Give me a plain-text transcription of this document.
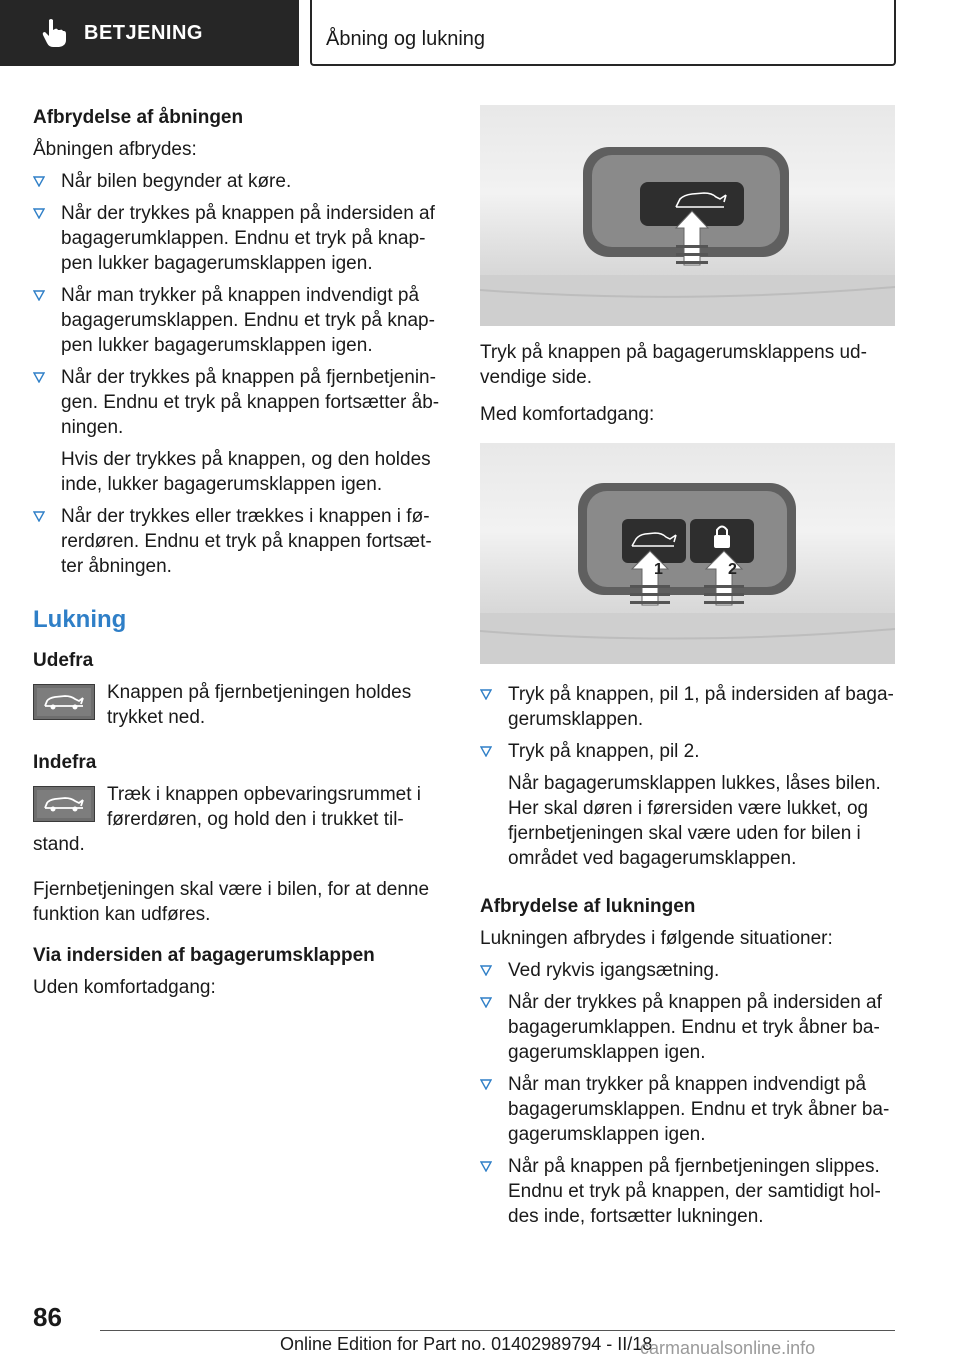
BETJENING	Åbning og lukning
Afbrydelse af åbningen
Åbningen afbrydes:
Når bilen begynder at køre.
Når der trykkes på knappen på indersiden af bagagerumklappen. Endnu et tryk på knappen lukker bagagerumsklappen igen.
Når man trykker på knappen indvendigt på bagagerumsklappen. Endnu et tryk på knappen lukker bagagerumsklappen igen.
Når der trykkes på knappen på fjernbetjeningen. Endnu et tryk på knappen fortsætter åbningen.
Hvis der trykkes på knappen, og den holdes inde, lukker bagagerumsklappen igen.
Når der trykkes eller trækkes i knappen i førerdøren. Endnu et tryk på knappen fortsætter åbningen.
Lukning
Udefra
Knappen på fjernbetjeningen holdes trykket ned.
Indefra
Træk i knappen opbevaringsrummet i førerdøren, og hold den i trukket tilstand.
Fjernbetjeningen skal være i bilen, for at denne funktion kan udføres.
Via indersiden af bagagerumsklappen
Uden komfortadgang:
Tryk på knappen på bagagerumsklappens udvendige side.
Med komfortadgang:
1	2
Tryk på knappen, pil 1, på indersiden af bagagerumsklappen.
Tryk på knappen, pil 2.
Når bagagerumsklappen lukkes, låses bilen. Her skal døren i førersiden være lukket, og fjernbetjeningen skal være uden for bilen i området ved bagagerumsklappen.
Afbrydelse af lukningen
Lukningen afbrydes i følgende situationer:
Ved rykvis igangsætning.
Når der trykkes på knappen på indersiden af bagagerumklappen. Endnu et tryk åbner bagagerumsklappen igen.
Når man trykker på knappen indvendigt på bagagerumsklappen. Endnu et tryk åbner bagagerumsklappen igen.
Når på knappen på fjernbetjeningen slippes. Endnu et tryk på knappen, der samtidigt holdes inde, fortsætter lukningen.
86
Online Edition for Part no. 01402989794 - II/18
carmanualsonline.info
